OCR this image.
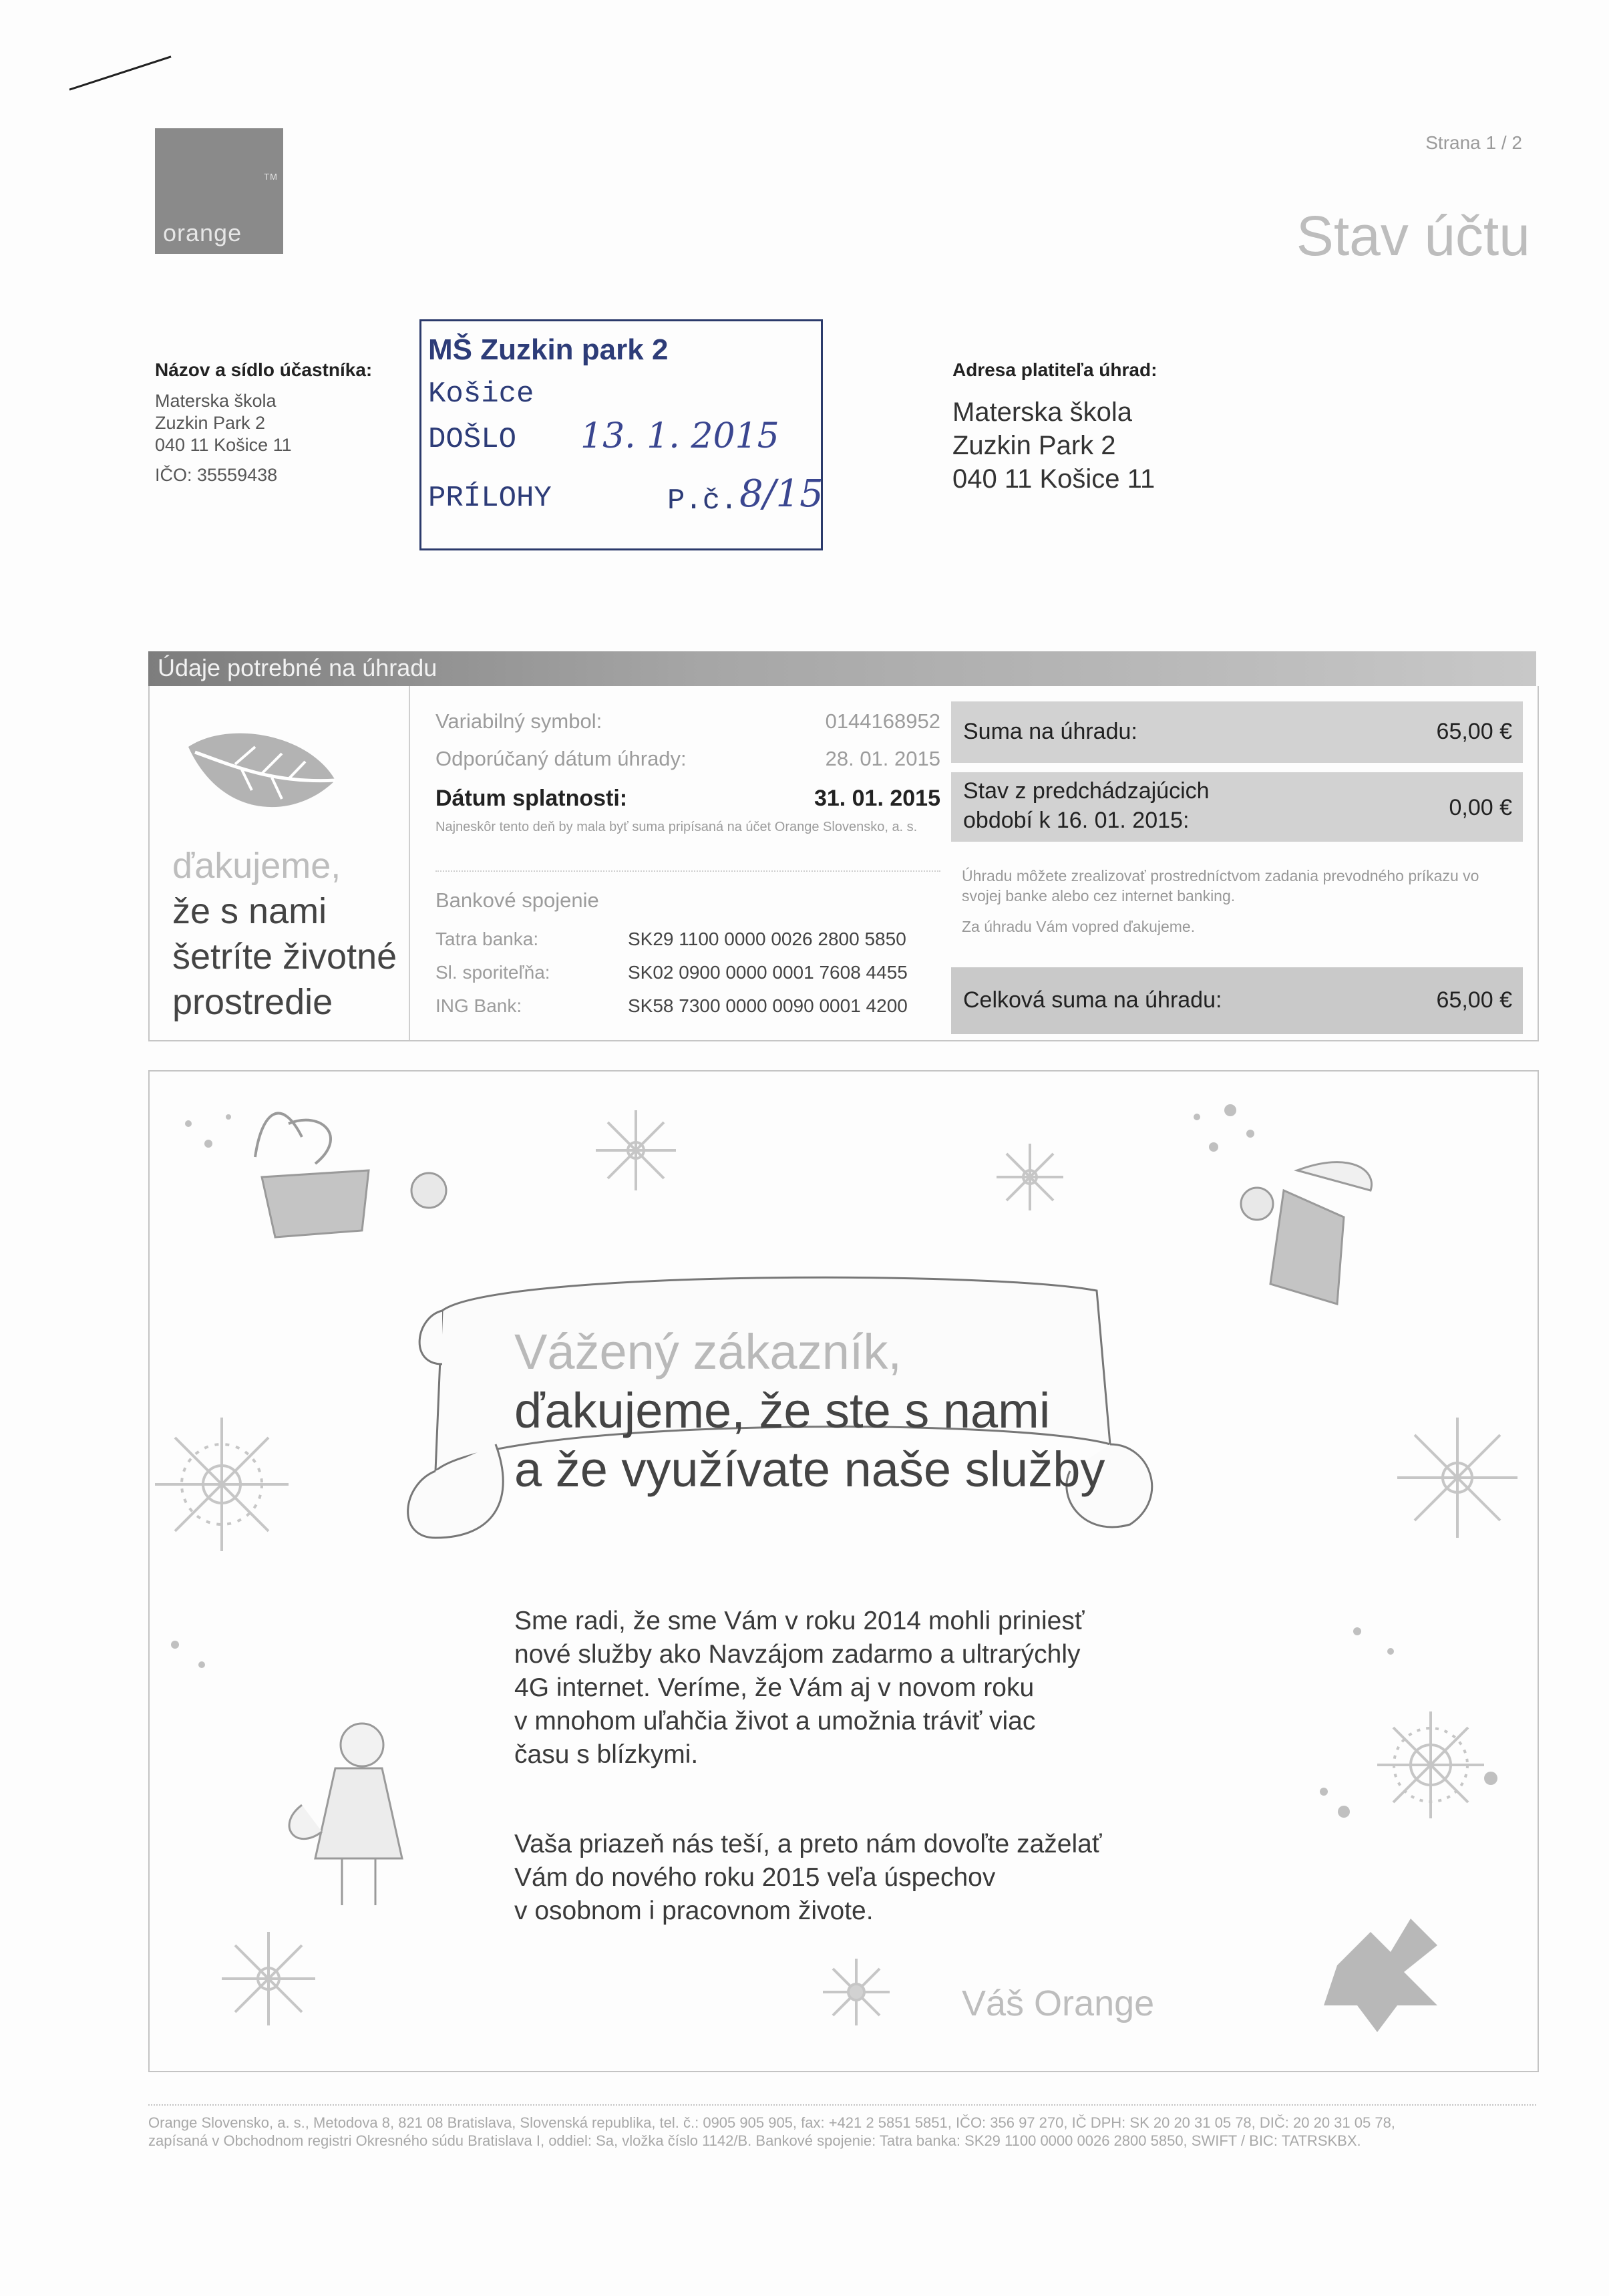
orange
TM
Strana 1 / 2
Stav účtu
Názov a sídlo účastníka:
Materska škola
Zuzkin Park 2
040 11 Košice 11
IČO: 35559438
MŠ Zuzkin park 2
Košice
DOŠLO 13. 1. 2015
PRÍLOHY	P.č. 8/15
Adresa platiteľa úhrad:
Materska škola
Zuzkin Park 2
040 11 Košice 11
Údaje potrebné na úhradu
ďakujeme,
že s nami
šetríte životné
prostredie
Variabilný symbol:	0144168952
Odporúčaný dátum úhrady:	28. 01. 2015
Dátum splatnosti:	31. 01. 2015
Najneskôr tento deň by mala byť suma pripísaná na účet Orange Slovensko, a. s.
Bankové spojenie
Tatra banka:	SK29 1100 0000 0026 2800 5850
Sl. sporiteľňa:	SK02 0900 0000 0001 7608 4455
ING Bank:	SK58 7300 0000 0090 0001 4200
Suma na úhradu:	65,00 €
Stav z predchádzajúcich
období k 16. 01. 2015:	0,00 €
Úhradu môžete zrealizovať prostredníctvom zadania prevodného príkazu vo svojej banke alebo cez internet banking.
Za úhradu Vám vopred ďakujeme.
Celková suma na úhradu:	65,00 €
Vážený zákazník,
ďakujeme, že ste s nami
a že využívate naše služby
Sme radi, že sme Vám v roku 2014 mohli priniesť
nové služby ako Navzájom zadarmo a ultrarýchly
4G internet. Veríme, že Vám aj v novom roku
v mnohom uľahčia život a umožnia tráviť viac
času s blízkymi.
Vaša priazeň nás teší, a preto nám dovoľte zaželať
Vám do nového roku 2015 veľa úspechov
v osobnom i pracovnom živote.
Váš Orange
Orange Slovensko, a. s., Metodova 8, 821 08 Bratislava, Slovenská republika, tel. č.: 0905 905 905, fax: +421 2 5851 5851, IČO: 356 97 270, IČ DPH: SK 20 20 31 05 78, DIČ: 20 20 31 05 78,
zapísaná v Obchodnom registri Okresného súdu Bratislava I, oddiel: Sa, vložka číslo 1142/B. Bankové spojenie: Tatra banka: SK29 1100 0000 0026 2800 5850, SWIFT / BIC: TATRSKBX.
